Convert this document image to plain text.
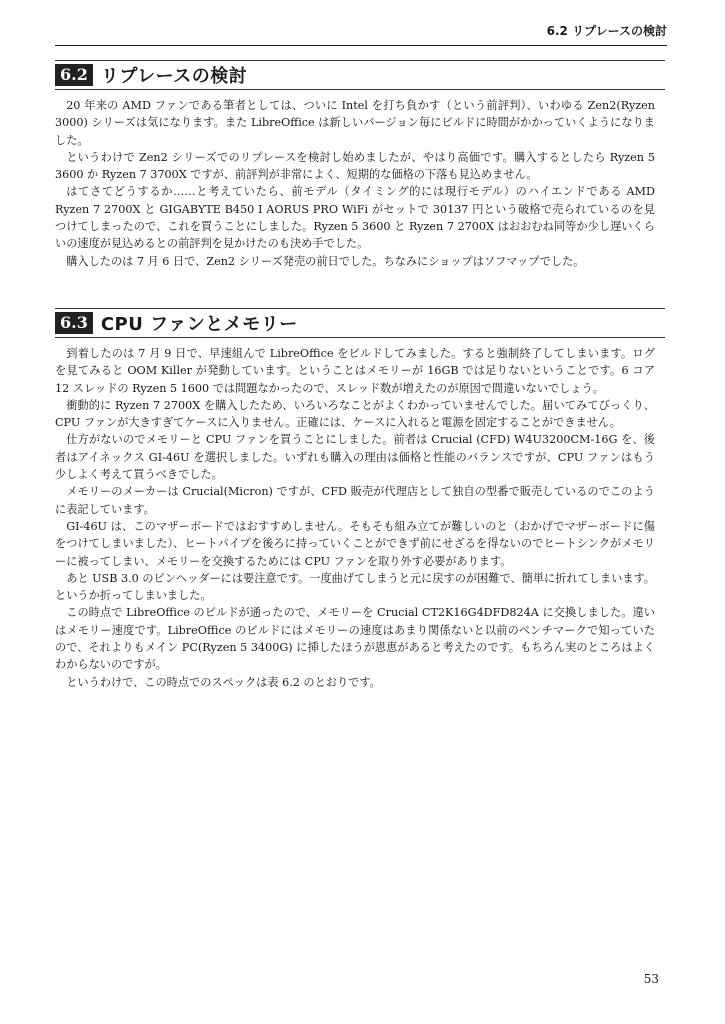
6.2 リプレースの検討
6.2 リプレースの検討

20 年来の AMD ファンである筆者としては、ついに Intel を打ち負かす（という前評判）、いわゆる Zen2(Ryzen 3000) シリーズは気になります。また LibreOffice は新しいバージョン毎にビルドに時間がかかっていくようになりました。

というわけで Zen2 シリーズでのリプレースを検討し始めましたが、やはり高価です。購入するとしたら Ryzen 5 3600 か Ryzen 7 3700X ですが、前評判が非常によく、短期的な価格の下落も見込めません。

はてさてどうするか……と考えていたら、前モデル（タイミング的には現行モデル）のハイエンドである AMD Ryzen 7 2700X と GIGABYTE B450 I AORUS PRO WiFi がセットで 30137 円という破格で売られているのを見つけてしまったので、これを買うことにしました。Ryzen 5 3600 と Ryzen 7 2700X はおおむね同等か少し遅いくらいの速度が見込めるとの前評判を見かけたのも決め手でした。

購入したのは 7 月 6 日で、Zen2 シリーズ発売の前日でした。ちなみにショップはソフマップでした。

6.3 CPU ファンとメモリー

到着したのは 7 月 9 日で、早速組んで LibreOffice をビルドしてみました。すると強制終了してしまいます。ログを見てみると OOM Killer が発動しています。ということはメモリーが 16GB では足りないということです。6 コア 12 スレッドの Ryzen 5 1600 では問題なかったので、スレッド数が増えたのが原因で間違いないでしょう。

衝動的に Ryzen 7 2700X を購入したため、いろいろなことがよくわかっていませんでした。届いてみてびっくり、CPU ファンが大きすぎてケースに入りません。正確には、ケースに入れると電源を固定することができません。

仕方がないのでメモリーと CPU ファンを買うことにしました。前者は Crucial (CFD) W4U3200CM-16G を、後者はアイネックス GI-46U を選択しました。いずれも購入の理由は価格と性能のバランスですが、CPU ファンはもう少しよく考えて買うべきでした。

メモリーのメーカーは Crucial(Micron) ですが、CFD 販売が代理店として独自の型番で販売しているのでこのように表記しています。

GI-46U は、このマザーボードではおすすめしません。そもそも組み立てが難しいのと（おかげでマザーボードに傷をつけてしまいました）、ヒートパイプを後ろに持っていくことができず前にせざるを得ないのでヒートシンクがメモリーに被ってしまい、メモリーを交換するためには CPU ファンを取り外す必要があります。

あと USB 3.0 のピンヘッダーには要注意です。一度曲げてしまうと元に戻すのが困難で、簡単に折れてしまいます。というか折ってしまいました。

この時点で LibreOffice のビルドが通ったので、メモリーを Crucial CT2K16G4DFD824A に交換しました。違いはメモリー速度です。LibreOffice のビルドにはメモリーの速度はあまり関係ないと以前のベンチマークで知っていたので、それよりもメイン PC(Ryzen 5 3400G) に挿したほうが恩恵があると考えたのです。もちろん実のところはよくわからないのですが。

というわけで、この時点でのスペックは表 6.2 のとおりです。

53
